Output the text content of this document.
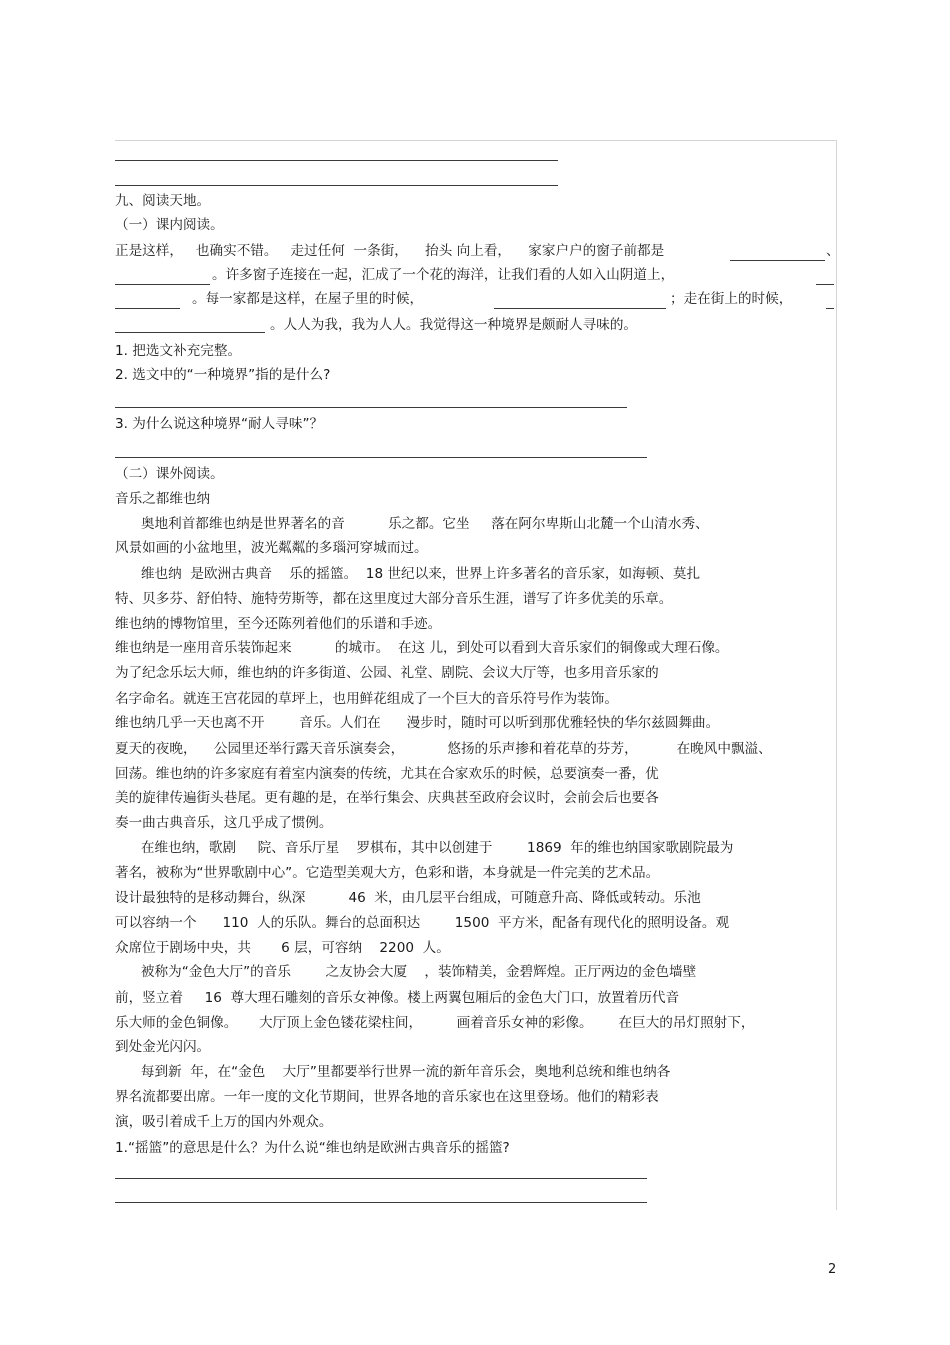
九、阅读天地。
（一）课内阅读。
正是这样，   也确实不错。   走过任何  一条街，    抬头 向上看，    家家户户的窗子前都是	、
。许多窗子连接在一起，汇成了一个花的海洋，让我们看的人如入山阴道上，
。每一家都是这样，在屋子里的时候，	；走在街上的时候，
。人人为我，我为人人。我觉得这一种境界是颇耐人寻味的。
1. 把选文补充完整。
2. 选文中的“一种境界”指的是什么?
3. 为什么说这种境界“耐人寻味”？
（二）课外阅读。
音乐之都维也纳
奥地利首都维也纳是世界著名的音          乐之都。它坐     落在阿尔卑斯山北麓一个山清水秀、
风景如画的小盆地里，波光粼粼的多瑙河穿城而过。
维也纳  是欧洲古典音    乐的摇篮。  18 世纪以来，世界上许多著名的音乐家，如海顿、莫扎
特、贝多芬、舒伯特、施特劳斯等，都在这里度过大部分音乐生涯，谱写了许多优美的乐章。
维也纳的博物馆里，至今还陈列着他们的乐谱和手迹。
维也纳是一座用音乐装饰起来          的城市。  在这 儿，到处可以看到大音乐家们的铜像或大理石像。
为了纪念乐坛大师，维也纳的许多街道、公园、礼堂、剧院、会议大厅等，也多用音乐家的
名字命名。就连王宫花园的草坪上，也用鲜花组成了一个巨大的音乐符号作为装饰。
维也纳几乎一天也离不开        音乐。人们在      漫步时，随时可以听到那优雅轻快的华尔兹圆舞曲。
夏天的夜晚，    公园里还举行露天音乐演奏会，          悠扬的乐声掺和着花草的芬芳，         在晚风中飘溢、
回荡。维也纳的许多家庭有着室内演奏的传统，尤其在合家欢乐的时候，总要演奏一番，优
美的旋律传遍街头巷尾。更有趣的是，在举行集会、庆典甚至政府会议时，会前会后也要各
奏一曲古典音乐，这几乎成了惯例。
在维也纳，歌剧     院、音乐厅星    罗棋布，其中以创建于        1869  年的维也纳国家歌剧院最为
著名，被称为“世界歌剧中心”。它造型美观大方，色彩和谐，本身就是一件完美的艺术品。
设计最独特的是移动舞台，纵深          46  米，由几层平台组成，可随意升高、降低或转动。乐池
可以容纳一个      110  人的乐队。舞台的总面积达        1500  平方米，配备有现代化的照明设备。观
众席位于剧场中央，共       6 层，可容纳    2200  人。
被称为“金色大厅”的音乐        之友协会大厦    ，装饰精美，金碧辉煌。正厅两边的金色墙壁
前，竖立着     16  尊大理石雕刻的音乐女神像。楼上两翼包厢后的金色大门口，放置着历代音
乐大师的金色铜像。     大厅顶上金色镂花梁柱间，        画着音乐女神的彩像。      在巨大的吊灯照射下，
到处金光闪闪。
每到新  年，在“金色    大厅”里都要举行世界一流的新年音乐会，奥地利总统和维也纳各
界名流都要出席。一年一度的文化节期间，世界各地的音乐家也在这里登场。他们的精彩表
演，吸引着成千上万的国内外观众。
1.“摇篮”的意思是什么？为什么说“维也纳是欧洲古典音乐的摇篮?
2
